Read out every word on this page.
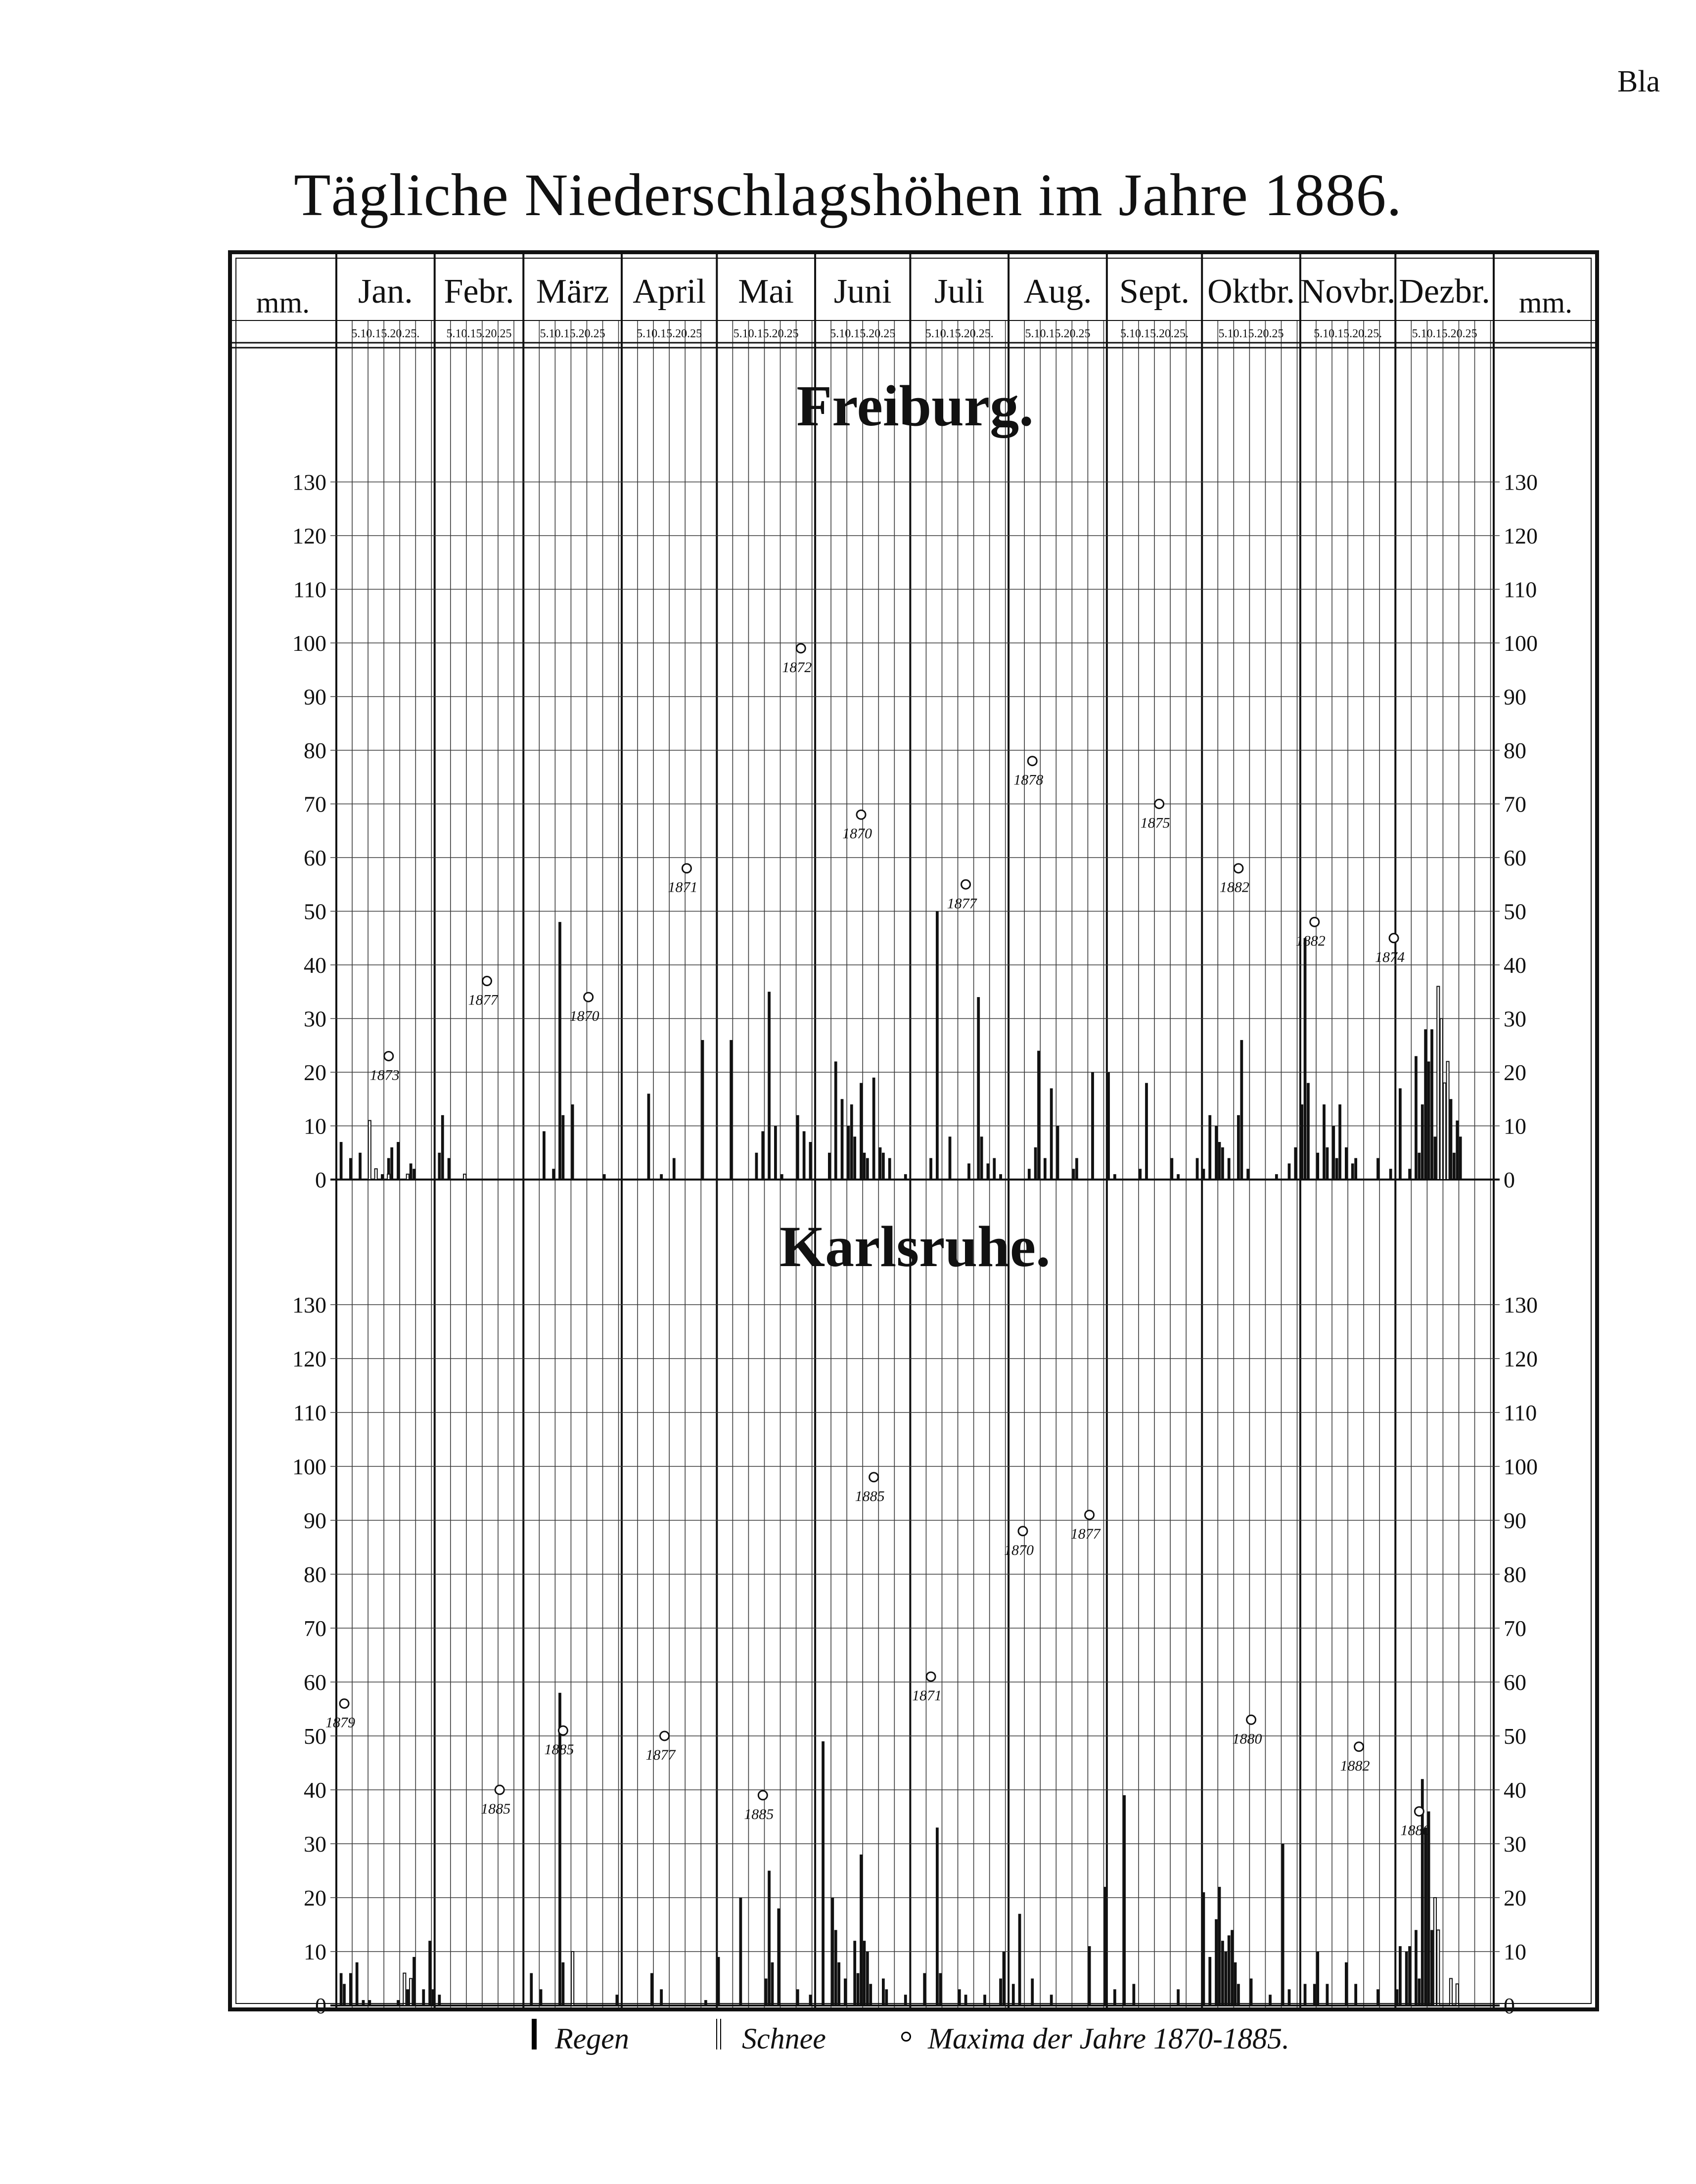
Bla
Tägliche Niederschlagshöhen im Jahre 1886.
Jan.
5.10.15.20.25.
Febr.
5.10.15.20.25
März
5.10.15.20.25
April
5.10.15.20.25
Mai
5.10.15.20.25
Juni
5.10.15.20.25
Juli
5.10.15.20.25.
Aug.
5.10.15.20.25
Sept.
5.10.15.20.25.
Oktbr.
5.10.15.20.25
Novbr.
5.10.15.20.25.
Dezbr.
5.10.15.20.25
mm.	mm.
Freiburg.
0	0
10	10
20	20
30	30
40	40
50	50
60	60
70	70
80	80
90	90
100	100
110	110
120	120
130	130
1873
1877
1870
1871
1872
1870
1877
1878
1875
1882
1882
1874
Karlsruhe.
0	0
10	10
20	20
30	30
40	40
50	50
60	60
70	70
80	80
90	90
100	100
110	110
120	120
130	130
1879
1885
1885	1877
1885
1885
1871
1870
1877
1880
1882
1880
Regen	Schnee	Maxima der Jahre 1870-1885.
